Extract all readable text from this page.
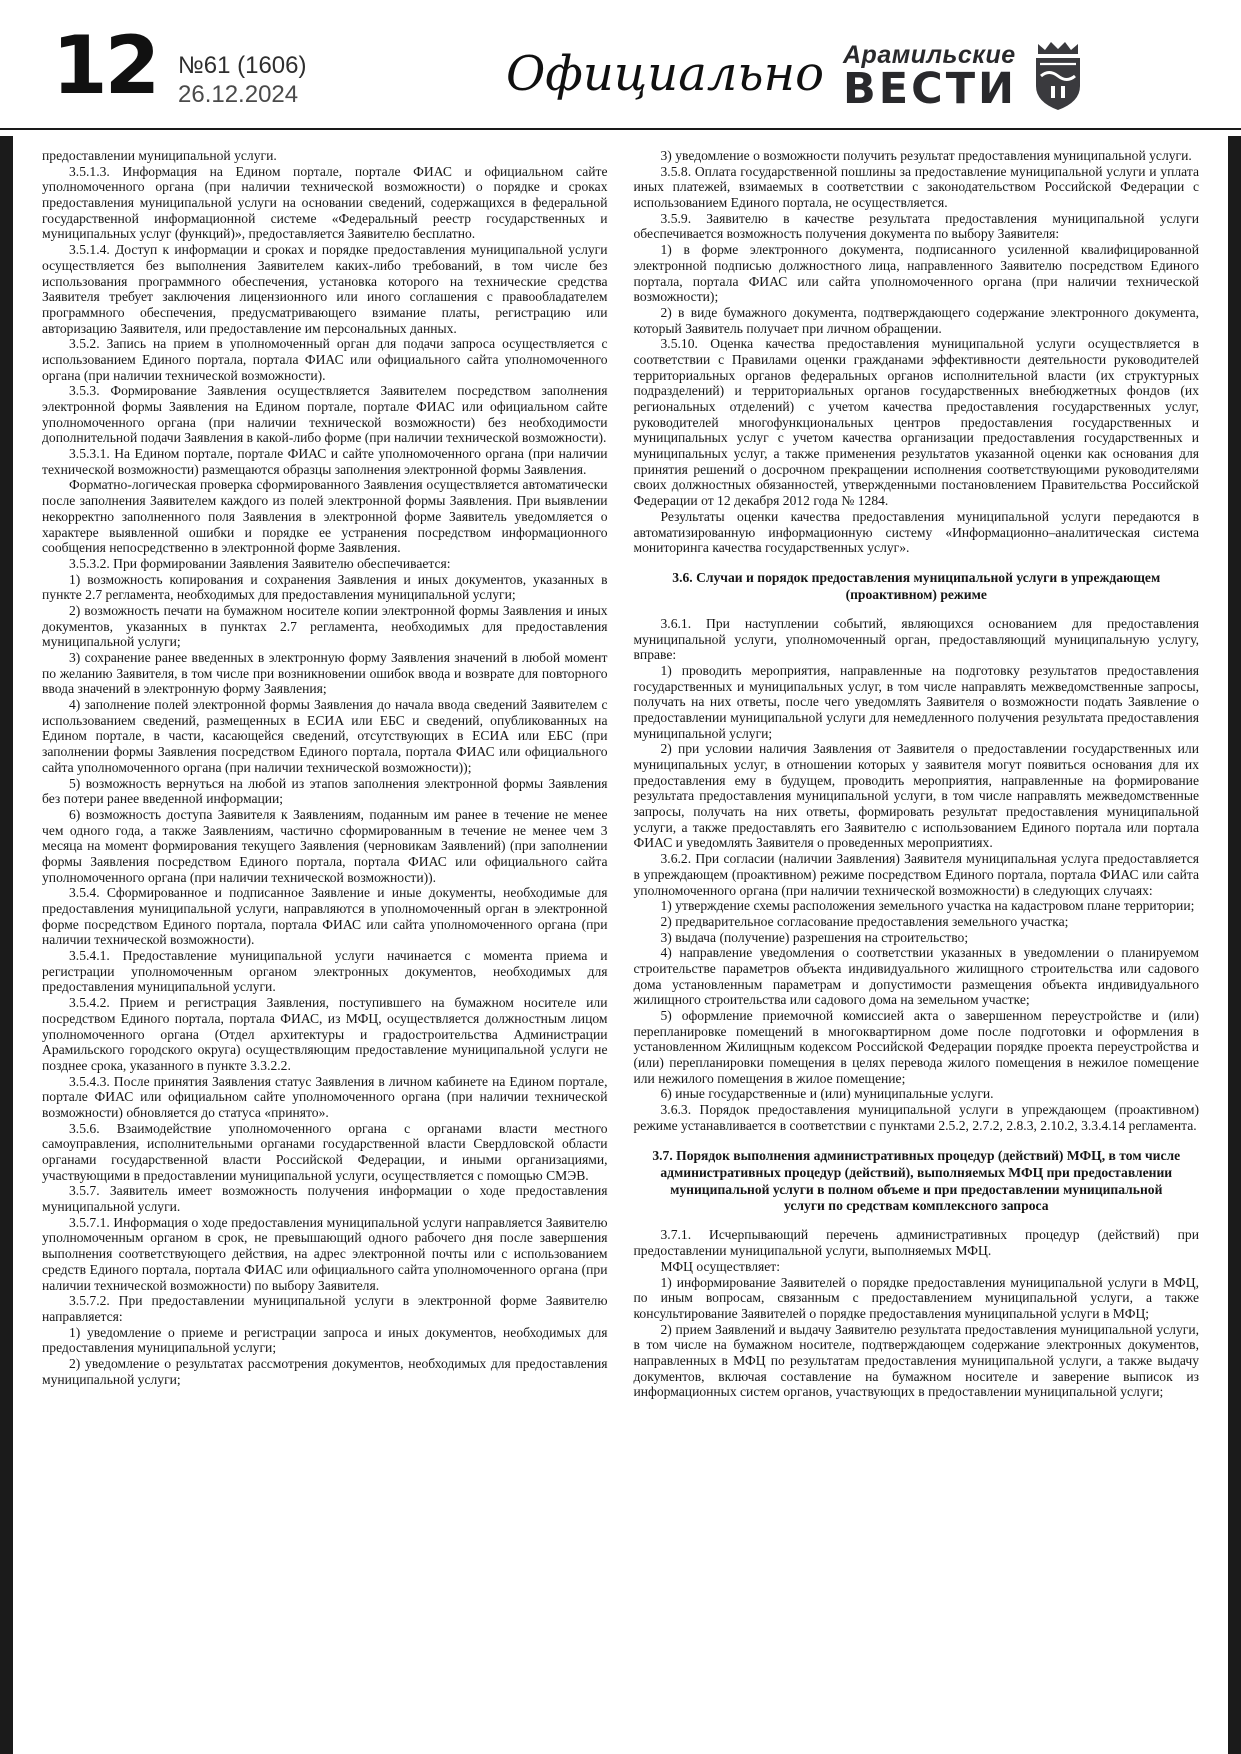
12 №61 (1606)
26.12.2024	Официально Арамильские
ВЕСТИ

предоставлении муниципальной услуги.

3.5.1.3. Информация на Едином портале, портале ФИАС и официальном сайте уполномоченного органа (при наличии технической возможности) о порядке и сроках предоставления муниципальной услуги на основании сведений, содержащихся в федеральной государственной информационной системе «Федеральный реестр государственных и муниципальных услуг (функций)», предоставляется Заявителю бесплатно.

3.5.1.4. Доступ к информации и сроках и порядке предоставления муниципальной услуги осуществляется без выполнения Заявителем каких-либо требований, в том числе без использования программного обеспечения, установка которого на технические средства Заявителя требует заключения лицензионного или иного соглашения с правообладателем программного обеспечения, предусматривающего взимание платы, регистрацию или авторизацию Заявителя, или предоставление им персональных данных.

3.5.2. Запись на прием в уполномоченный орган для подачи запроса осуществляется с использованием Единого портала, портала ФИАС или официального сайта уполномоченного органа (при наличии технической возможности).

3.5.3. Формирование Заявления осуществляется Заявителем посредством заполнения электронной формы Заявления на Едином портале, портале ФИАС или официальном сайте уполномоченного органа (при наличии технической возможности) без необходимости дополнительной подачи Заявления в какой-либо форме (при наличии технической возможности).

3.5.3.1. На Едином портале, портале ФИАС и сайте уполномоченного органа (при наличии технической возможности) размещаются образцы заполнения электронной формы Заявления.

Форматно-логическая проверка сформированного Заявления осуществляется автоматически после заполнения Заявителем каждого из полей электронной формы Заявления. При выявлении некорректно заполненного поля Заявления в электронной форме Заявитель уведомляется о характере выявленной ошибки и порядке ее устранения посредством информационного сообщения непосредственно в электронной форме Заявления.

3.5.3.2. При формировании Заявления Заявителю обеспечивается:

1) возможность копирования и сохранения Заявления и иных документов, указанных в пункте 2.7 регламента, необходимых для предоставления муниципальной услуги;

2) возможность печати на бумажном носителе копии электронной формы Заявления и иных документов, указанных в пунктах 2.7 регламента, необходимых для предоставления муниципальной услуги;

3) сохранение ранее введенных в электронную форму Заявления значений в любой момент по желанию Заявителя, в том числе при возникновении ошибок ввода и возврате для повторного ввода значений в электронную форму Заявления;

4) заполнение полей электронной формы Заявления до начала ввода сведений Заявителем с использованием сведений, размещенных в ЕСИА или ЕБС и сведений, опубликованных на Едином портале, в части, касающейся сведений, отсутствующих в ЕСИА или ЕБС (при заполнении формы Заявления посредством Единого портала, портала ФИАС или официального сайта уполномоченного органа (при наличии технической возможности));

5) возможность вернуться на любой из этапов заполнения электронной формы Заявления без потери ранее введенной информации;

6) возможность доступа Заявителя к Заявлениям, поданным им ранее в течение не менее чем одного года, а также Заявлениям, частично сформированным в течение не менее чем 3 месяца на момент формирования текущего Заявления (черновикам Заявлений) (при заполнении формы Заявления посредством Единого портала, портала ФИАС или официального сайта уполномоченного органа (при наличии технической возможности)).

3.5.4. Сформированное и подписанное Заявление и иные документы, необходимые для предоставления муниципальной услуги, направляются в уполномоченный орган в электронной форме посредством Единого портала, портала ФИАС или сайта уполномоченного органа (при наличии технической возможности).

3.5.4.1. Предоставление муниципальной услуги начинается с момента приема и регистрации уполномоченным органом электронных документов, необходимых для предоставления муниципальной услуги.

3.5.4.2. Прием и регистрация Заявления, поступившего на бумажном носителе или посредством Единого портала, портала ФИАС, из МФЦ, осуществляется должностным лицом уполномоченного органа (Отдел архитектуры и градостроительства Администрации Арамильского городского округа) осуществляющим предоставление муниципальной услуги не позднее срока, указанного в пункте 3.3.2.2.

3.5.4.3. После принятия Заявления статус Заявления в личном кабинете на Едином портале, портале ФИАС или официальном сайте уполномоченного органа (при наличии технической возможности) обновляется до статуса «принято».

3.5.6. Взаимодействие уполномоченного органа с органами власти местного самоуправления, исполнительными органами государственной власти Свердловской области органами государственной власти Российской Федерации, и иными организациями, участвующими в предоставлении муниципальной услуги, осуществляется с помощью СМЭВ.

3.5.7. Заявитель имеет возможность получения информации о ходе предоставления муниципальной услуги.

3.5.7.1. Информация о ходе предоставления муниципальной услуги направляется Заявителю уполномоченным органом в срок, не превышающий одного рабочего дня после завершения выполнения соответствующего действия, на адрес электронной почты или с использованием средств Единого портала, портала ФИАС или официального сайта уполномоченного органа (при наличии технической возможности) по выбору Заявителя.

3.5.7.2. При предоставлении муниципальной услуги в электронной форме Заявителю направляется:

1) уведомление о приеме и регистрации запроса и иных документов, необходимых для предоставления муниципальной услуги;

2) уведомление о результатах рассмотрения документов, необходимых для предоставления муниципальной услуги;

3) уведомление о возможности получить результат предоставления муниципальной услуги.

3.5.8. Оплата государственной пошлины за предоставление муниципальной услуги и уплата иных платежей, взимаемых в соответствии с законодательством Российской Федерации с использованием Единого портала, не осуществляется.

3.5.9. Заявителю в качестве результата предоставления муниципальной услуги обеспечивается возможность получения документа по выбору Заявителя:

1) в форме электронного документа, подписанного усиленной квалифицированной электронной подписью должностного лица, направленного Заявителю посредством Единого портала, портала ФИАС или сайта уполномоченного органа (при наличии технической возможности);

2) в виде бумажного документа, подтверждающего содержание электронного документа, который Заявитель получает при личном обращении.

3.5.10. Оценка качества предоставления муниципальной услуги осуществляется в соответствии с Правилами оценки гражданами эффективности деятельности руководителей территориальных органов федеральных органов исполнительной власти (их структурных подразделений) и территориальных органов государственных внебюджетных фондов (их региональных отделений) с учетом качества предоставления государственных услуг, руководителей многофункциональных центров предоставления государственных и муниципальных услуг с учетом качества организации предоставления государственных и муниципальных услуг, а также применения результатов указанной оценки как основания для принятия решений о досрочном прекращении исполнения соответствующими руководителями своих должностных обязанностей, утвержденными постановлением Правительства Российской Федерации от 12 декабря 2012 года № 1284.

Результаты оценки качества предоставления муниципальной услуги передаются в автоматизированную информационную систему «Информационно–аналитическая система мониторинга качества государственных услуг».

3.6. Случаи и порядок предоставления муниципальной услуги в упреждающем (проактивном) режиме

3.6.1. При наступлении событий, являющихся основанием для предоставления муниципальной услуги, уполномоченный орган, предоставляющий муниципальную услугу, вправе:

1) проводить мероприятия, направленные на подготовку результатов предоставления государственных и муниципальных услуг, в том числе направлять межведомственные запросы, получать на них ответы, после чего уведомлять Заявителя о возможности подать Заявление о предоставлении муниципальной услуги для немедленного получения результата предоставления муниципальной услуги;

2) при условии наличия Заявления от Заявителя о предоставлении государственных или муниципальных услуг, в отношении которых у заявителя могут появиться основания для их предоставления ему в будущем, проводить мероприятия, направленные на формирование результата предоставления муниципальной услуги, в том числе направлять межведомственные запросы, получать на них ответы, формировать результат предоставления муниципальной услуги, а также предоставлять его Заявителю с использованием Единого портала или портала ФИАС и уведомлять Заявителя о проведенных мероприятиях.

3.6.2. При согласии (наличии Заявления) Заявителя муниципальная услуга предоставляется в упреждающем (проактивном) режиме посредством Единого портала, портала ФИАС или сайта уполномоченного органа (при наличии технической возможности) в следующих случаях:

1) утверждение схемы расположения земельного участка на кадастровом плане территории;

2) предварительное согласование предоставления земельного участка;

3) выдача (получение) разрешения на строительство;

4) направление уведомления о соответствии указанных в уведомлении о планируемом строительстве параметров объекта индивидуального жилищного строительства или садового дома установленным параметрам и допустимости размещения объекта индивидуального жилищного строительства или садового дома на земельном участке;

5) оформление приемочной комиссией акта о завершенном переустройстве и (или) перепланировке помещений в многоквартирном доме после подготовки и оформления в установленном Жилищным кодексом Российской Федерации порядке проекта переустройства и (или) перепланировки помещения в целях перевода жилого помещения в нежилое помещение или нежилого помещения в жилое помещение;

6) иные государственные и (или) муниципальные услуги.

3.6.3. Порядок предоставления муниципальной услуги в упреждающем (проактивном) режиме устанавливается в соответствии с пунктами 2.5.2, 2.7.2, 2.8.3, 2.10.2, 3.3.4.14 регламента.

3.7. Порядок выполнения административных процедур (действий) МФЦ, в том числе административных процедур (действий), выполняемых МФЦ при предоставлении муниципальной услуги в полном объеме и при предоставлении муниципальной услуги по средствам комплексного запроса

3.7.1. Исчерпывающий перечень административных процедур (действий) при предоставлении муниципальной услуги, выполняемых МФЦ.

МФЦ осуществляет:

1) информирование Заявителей о порядке предоставления муниципальной услуги в МФЦ, по иным вопросам, связанным с предоставлением муниципальной услуги, а также консультирование Заявителей о порядке предоставления муниципальной услуги в МФЦ;

2) прием Заявлений и выдачу Заявителю результата предоставления муниципальной услуги, в том числе на бумажном носителе, подтверждающем содержание электронных документов, направленных в МФЦ по результатам предоставления муниципальной услуги, а также выдачу документов, включая составление на бумажном носителе и заверение выписок из информационных систем органов, участвующих в предоставлении муниципальной услуги;
